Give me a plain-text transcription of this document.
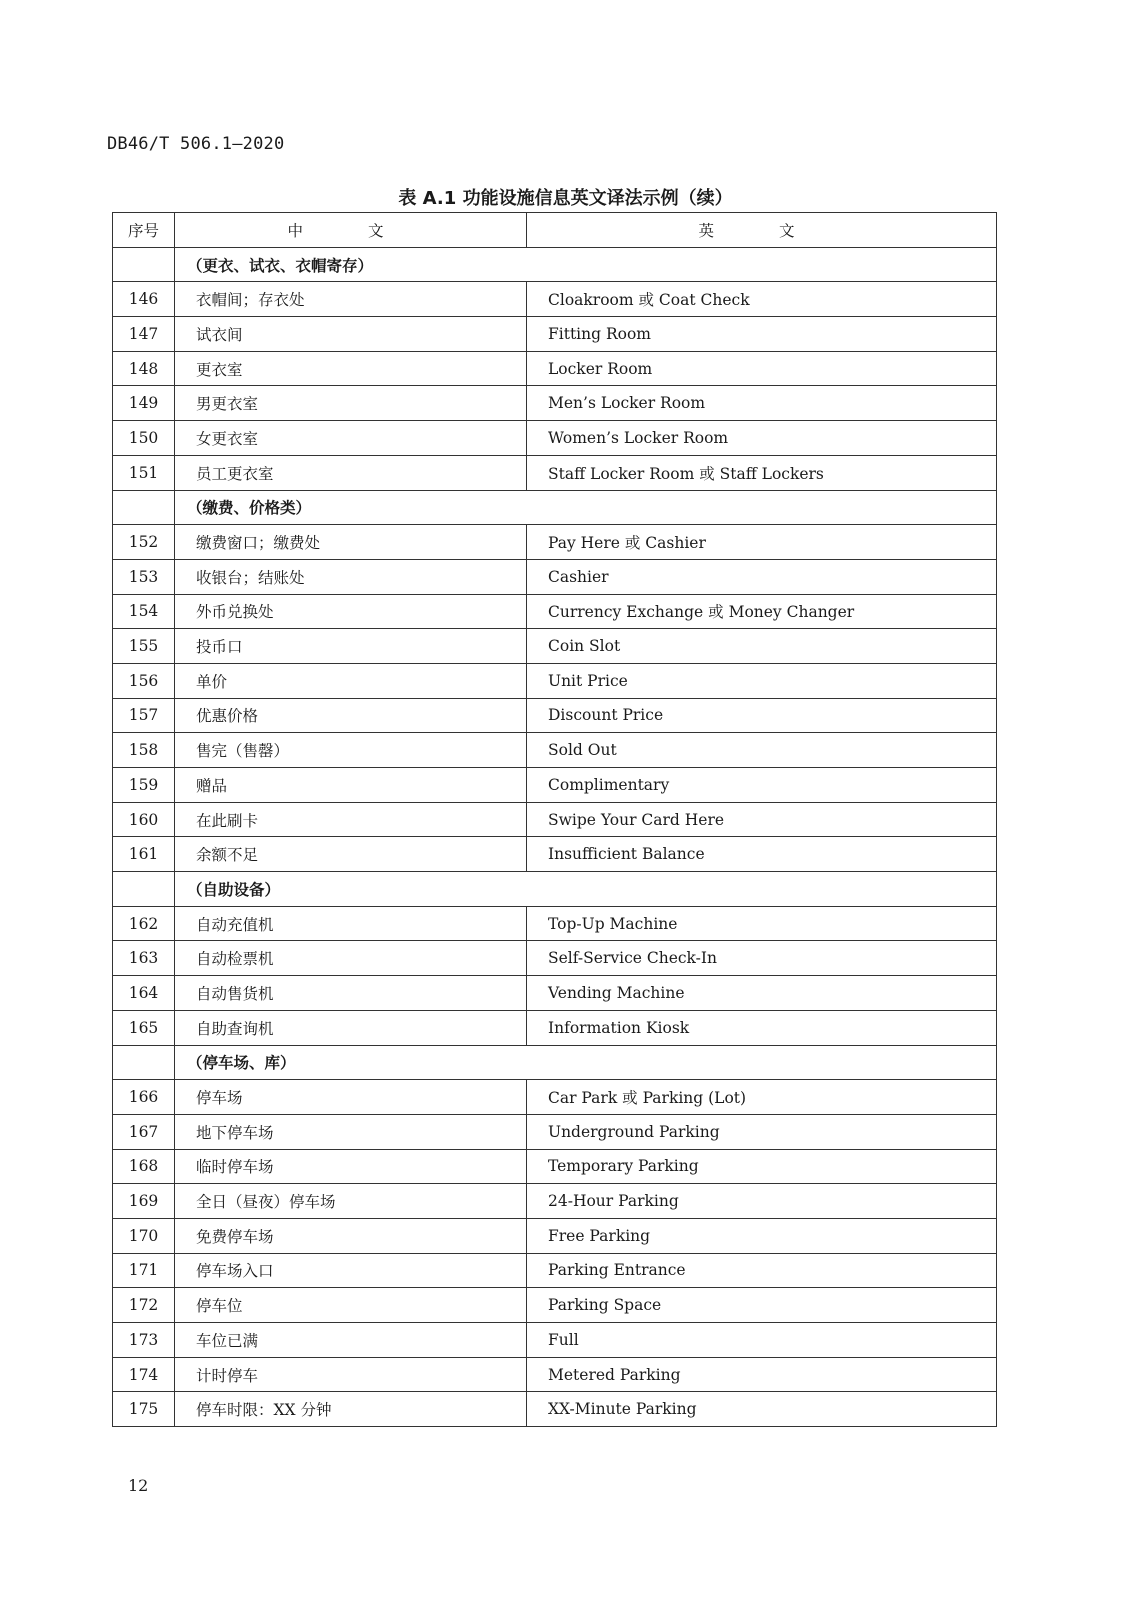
DB46/T 506.1—2020
表 A.1 功能设施信息英文译法示例（续）
序号	中 文	英 文
	（更衣、试衣、衣帽寄存）	
146	衣帽间；存衣处	Cloakroom 或 Coat Check
147	试衣间	Fitting Room
148	更衣室	Locker Room
149	男更衣室	Men’s Locker Room
150	女更衣室	Women’s Locker Room
151	员工更衣室	Staff Locker Room 或 Staff Lockers
	（缴费、价格类）	
152	缴费窗口；缴费处	Pay Here 或 Cashier
153	收银台；结账处	Cashier
154	外币兑换处	Currency Exchange 或 Money Changer
155	投币口	Coin Slot
156	单价	Unit Price
157	优惠价格	Discount Price
158	售完（售罄）	Sold Out
159	赠品	Complimentary
160	在此刷卡	Swipe Your Card Here
161	余额不足	Insufficient Balance
	（自助设备）	
162	自动充值机	Top-Up Machine
163	自动检票机	Self-Service Check-In
164	自动售货机	Vending Machine
165	自助查询机	Information Kiosk
	（停车场、库）	
166	停车场	Car Park 或 Parking (Lot)
167	地下停车场	Underground Parking
168	临时停车场	Temporary Parking
169	全日（昼夜）停车场	24-Hour Parking
170	免费停车场	Free Parking
171	停车场入口	Parking Entrance
172	停车位	Parking Space
173	车位已满	Full
174	计时停车	Metered Parking
175	停车时限：XX 分钟	XX-Minute Parking
12
